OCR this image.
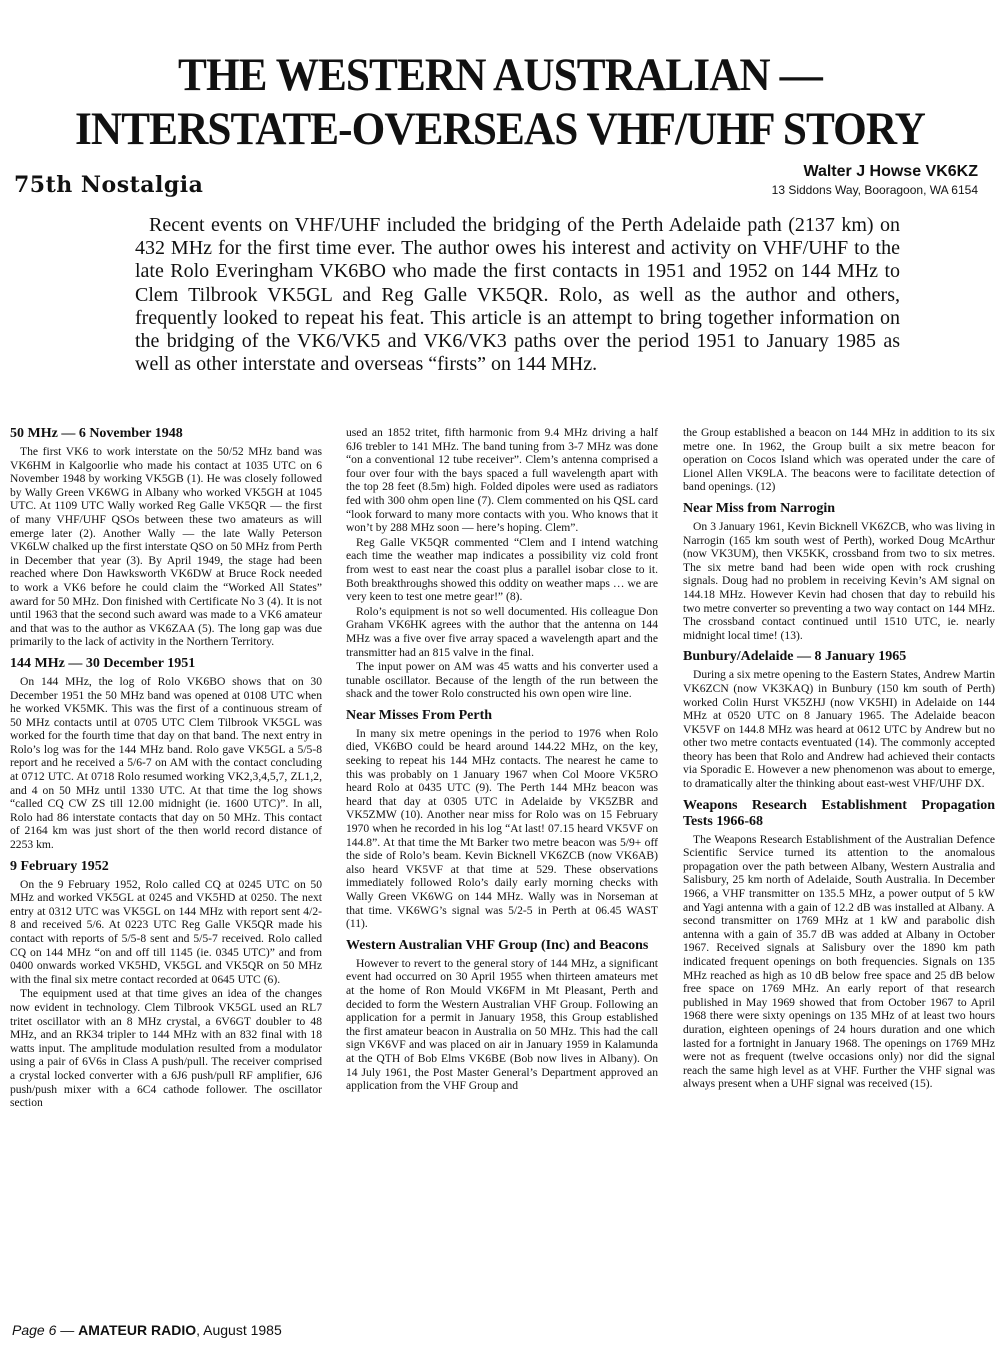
THE WESTERN AUSTRALIAN —
INTERSTATE-OVERSEAS VHF/UHF STORY
75th Nostalgia
Walter J Howse VK6KZ
13 Siddons Way, Booragoon, WA 6154

Recent events on VHF/UHF included the bridging of the Perth Adelaide path (2137 km) on 432 MHz for the first time ever. The author owes his interest and activity on VHF/UHF to the late Rolo Everingham VK6BO who made the first contacts in 1951 and 1952 on 144 MHz to Clem Tilbrook VK5GL and Reg Galle VK5QR. Rolo, as well as the author and others, frequently looked to repeat his feat. This article is an attempt to bring together information on the bridging of the VK6/VK5 and VK6/VK3 paths over the period 1951 to January 1985 as well as other interstate and overseas “firsts” on 144 MHz.

50 MHz — 6 November 1948

The first VK6 to work interstate on the 50/52 MHz band was VK6HM in Kalgoorlie who made his contact at 1035 UTC on 6 November 1948 by working VK5GB (1). He was closely followed by Wally Green VK6WG in Albany who worked VK5GH at 1045 UTC. At 1109 UTC Wally worked Reg Galle VK5QR — the first of many VHF/UHF QSOs between these two amateurs as will emerge later (2). Another Wally — the late Wally Peterson VK6LW chalked up the first interstate QSO on 50 MHz from Perth in December that year (3). By April 1949, the stage had been reached where Don Hawksworth VK6DW at Bruce Rock needed to work a VK6 before he could claim the “Worked All States” award for 50 MHz. Don finished with Certificate No 3 (4). It is not until 1963 that the second such award was made to a VK6 amateur and that was to the author as VK6ZAA (5). The long gap was due primarily to the lack of activity in the Northern Territory.

144 MHz — 30 December 1951

On 144 MHz, the log of Rolo VK6BO shows that on 30 December 1951 the 50 MHz band was opened at 0108 UTC when he worked VK5MK. This was the first of a continuous stream of 50 MHz contacts until at 0705 UTC Clem Tilbrook VK5GL was worked for the fourth time that day on that band. The next entry in Rolo’s log was for the 144 MHz band. Rolo gave VK5GL a 5/5-8 report and he received a 5/6-7 on AM with the contact concluding at 0712 UTC. At 0718 Rolo resumed working VK2,3,4,5,7, ZL1,2, and 4 on 50 MHz until 1330 UTC. At that time the log shows “called CQ CW ZS till 12.00 midnight (ie. 1600 UTC)”. In all, Rolo had 86 interstate contacts that day on 50 MHz. This contact of 2164 km was just short of the then world record distance of 2253 km.

9 February 1952

On the 9 February 1952, Rolo called CQ at 0245 UTC on 50 MHz and worked VK5GL at 0245 and VK5HD at 0250. The next entry at 0312 UTC was VK5GL on 144 MHz with report sent 4/2-8 and received 5/6. At 0223 UTC Reg Galle VK5QR made his contact with reports of 5/5-8 sent and 5/5-7 received. Rolo called CQ on 144 MHz “on and off till 1145 (ie. 0345 UTC)” and from 0400 onwards worked VK5HD, VK5GL and VK5QR on 50 MHz with the final six metre contact recorded at 0645 UTC (6).

The equipment used at that time gives an idea of the changes now evident in technology. Clem Tilbrook VK5GL used an RL7 tritet oscillator with an 8 MHz crystal, a 6V6GT doubler to 48 MHz, and an RK34 tripler to 144 MHz with an 832 final with 18 watts input. The amplitude modulation resulted from a modulator using a pair of 6V6s in Class A push/pull. The receiver comprised a crystal locked converter with a 6J6 push/pull RF amplifier, 6J6 push/push mixer with a 6C4 cathode follower. The oscillator section

used an 1852 tritet, fifth harmonic from 9.4 MHz driving a half 6J6 trebler to 141 MHz. The band tuning from 3-7 MHz was done “on a conventional 12 tube receiver”. Clem’s antenna comprised a four over four with the bays spaced a full wavelength apart with the top 28 feet (8.5m) high. Folded dipoles were used as radiators fed with 300 ohm open line (7). Clem commented on his QSL card “look forward to many more contacts with you. Who knows that it won’t by 288 MHz soon — here’s hoping. Clem”.

Reg Galle VK5QR commented “Clem and I intend watching each time the weather map indicates a possibility viz cold front from west to east near the coast plus a parallel isobar close to it. Both breakthroughs showed this oddity on weather maps … we are very keen to test one metre gear!” (8).

Rolo’s equipment is not so well documented. His colleague Don Graham VK6HK agrees with the author that the antenna on 144 MHz was a five over five array spaced a wavelength apart and the transmitter had an 815 valve in the final.

The input power on AM was 45 watts and his converter used a tunable oscillator. Because of the length of the run between the shack and the tower Rolo constructed his own open wire line.

Near Misses From Perth

In many six metre openings in the period to 1976 when Rolo died, VK6BO could be heard around 144.22 MHz, on the key, seeking to repeat his 144 MHz contacts. The nearest he came to this was probably on 1 January 1967 when Col Moore VK5RO heard Rolo at 0435 UTC (9). The Perth 144 MHz beacon was heard that day at 0305 UTC in Adelaide by VK5ZBR and VK5ZMW (10). Another near miss for Rolo was on 15 February 1970 when he recorded in his log “At last! 07.15 heard VK5VF on 144.8”. At that time the Mt Barker two metre beacon was 5/9+ off the side of Rolo’s beam. Kevin Bicknell VK6ZCB (now VK6AB) also heard VK5VF at that time at 529. These observations immediately followed Rolo’s daily early morning checks with Wally Green VK6WG on 144 MHz. Wally was in Norseman at that time. VK6WG’s signal was 5/2-5 in Perth at 06.45 WAST (11).

Western Australian VHF Group (Inc) and Beacons

However to revert to the general story of 144 MHz, a significant event had occurred on 30 April 1955 when thirteen amateurs met at the home of Ron Mould VK6FM in Mt Pleasant, Perth and decided to form the Western Australian VHF Group. Following an application for a permit in January 1958, this Group established the first amateur beacon in Australia on 50 MHz. This had the call sign VK6VF and was placed on air in January 1959 in Kalamunda at the QTH of Bob Elms VK6BE (Bob now lives in Albany). On 14 July 1961, the Post Master General’s Department approved an application from the VHF Group and

the Group established a beacon on 144 MHz in addition to its six metre one. In 1962, the Group built a six metre beacon for operation on Cocos Island which was operated under the care of Lionel Allen VK9LA. The beacons were to facilitate detection of band openings. (12)

Near Miss from Narrogin

On 3 January 1961, Kevin Bicknell VK6ZCB, who was living in Narrogin (165 km south west of Perth), worked Doug McArthur (now VK3UM), then VK5KK, crossband from two to six metres. The six metre band had been wide open with rock crushing signals. Doug had no problem in receiving Kevin’s AM signal on 144.18 MHz. However Kevin had chosen that day to rebuild his two metre converter so preventing a two way contact on 144 MHz. The crossband contact continued until 1510 UTC, ie. nearly midnight local time! (13).

Bunbury/Adelaide — 8 January 1965

During a six metre opening to the Eastern States, Andrew Martin VK6ZCN (now VK3KAQ) in Bunbury (150 km south of Perth) worked Colin Hurst VK5ZHJ (now VK5HI) in Adelaide on 144 MHz at 0520 UTC on 8 January 1965. The Adelaide beacon VK5VF on 144.8 MHz was heard at 0612 UTC by Andrew but no other two metre contacts eventuated (14). The commonly accepted theory has been that Rolo and Andrew had achieved their contacts via Sporadic E. However a new phenomenon was about to emerge, to dramatically alter the thinking about east-west VHF/UHF DX.

Weapons Research Establishment Propagation Tests 1966-68

The Weapons Research Establishment of the Australian Defence Scientific Service turned its attention to the anomalous propagation over the path between Albany, Western Australia and Salisbury, 25 km north of Adelaide, South Australia. In December 1966, a VHF transmitter on 135.5 MHz, a power output of 5 kW and Yagi antenna with a gain of 12.2 dB was installed at Albany. A second transmitter on 1769 MHz at 1 kW and parabolic dish antenna with a gain of 35.7 dB was added at Albany in October 1967. Received signals at Salisbury over the 1890 km path indicated frequent openings on both frequencies. Signals on 135 MHz reached as high as 10 dB below free space and 25 dB below free space on 1769 MHz. An early report of that research published in May 1969 showed that from October 1967 to April 1968 there were sixty openings on 135 MHz of at least two hours duration, eighteen openings of 24 hours duration and one which lasted for a fortnight in January 1968. The openings on 1769 MHz were not as frequent (twelve occasions only) nor did the signal reach the same high level as at VHF. Further the VHF signal was always present when a UHF signal was received (15).

Page 6 — AMATEUR RADIO, August 1985
